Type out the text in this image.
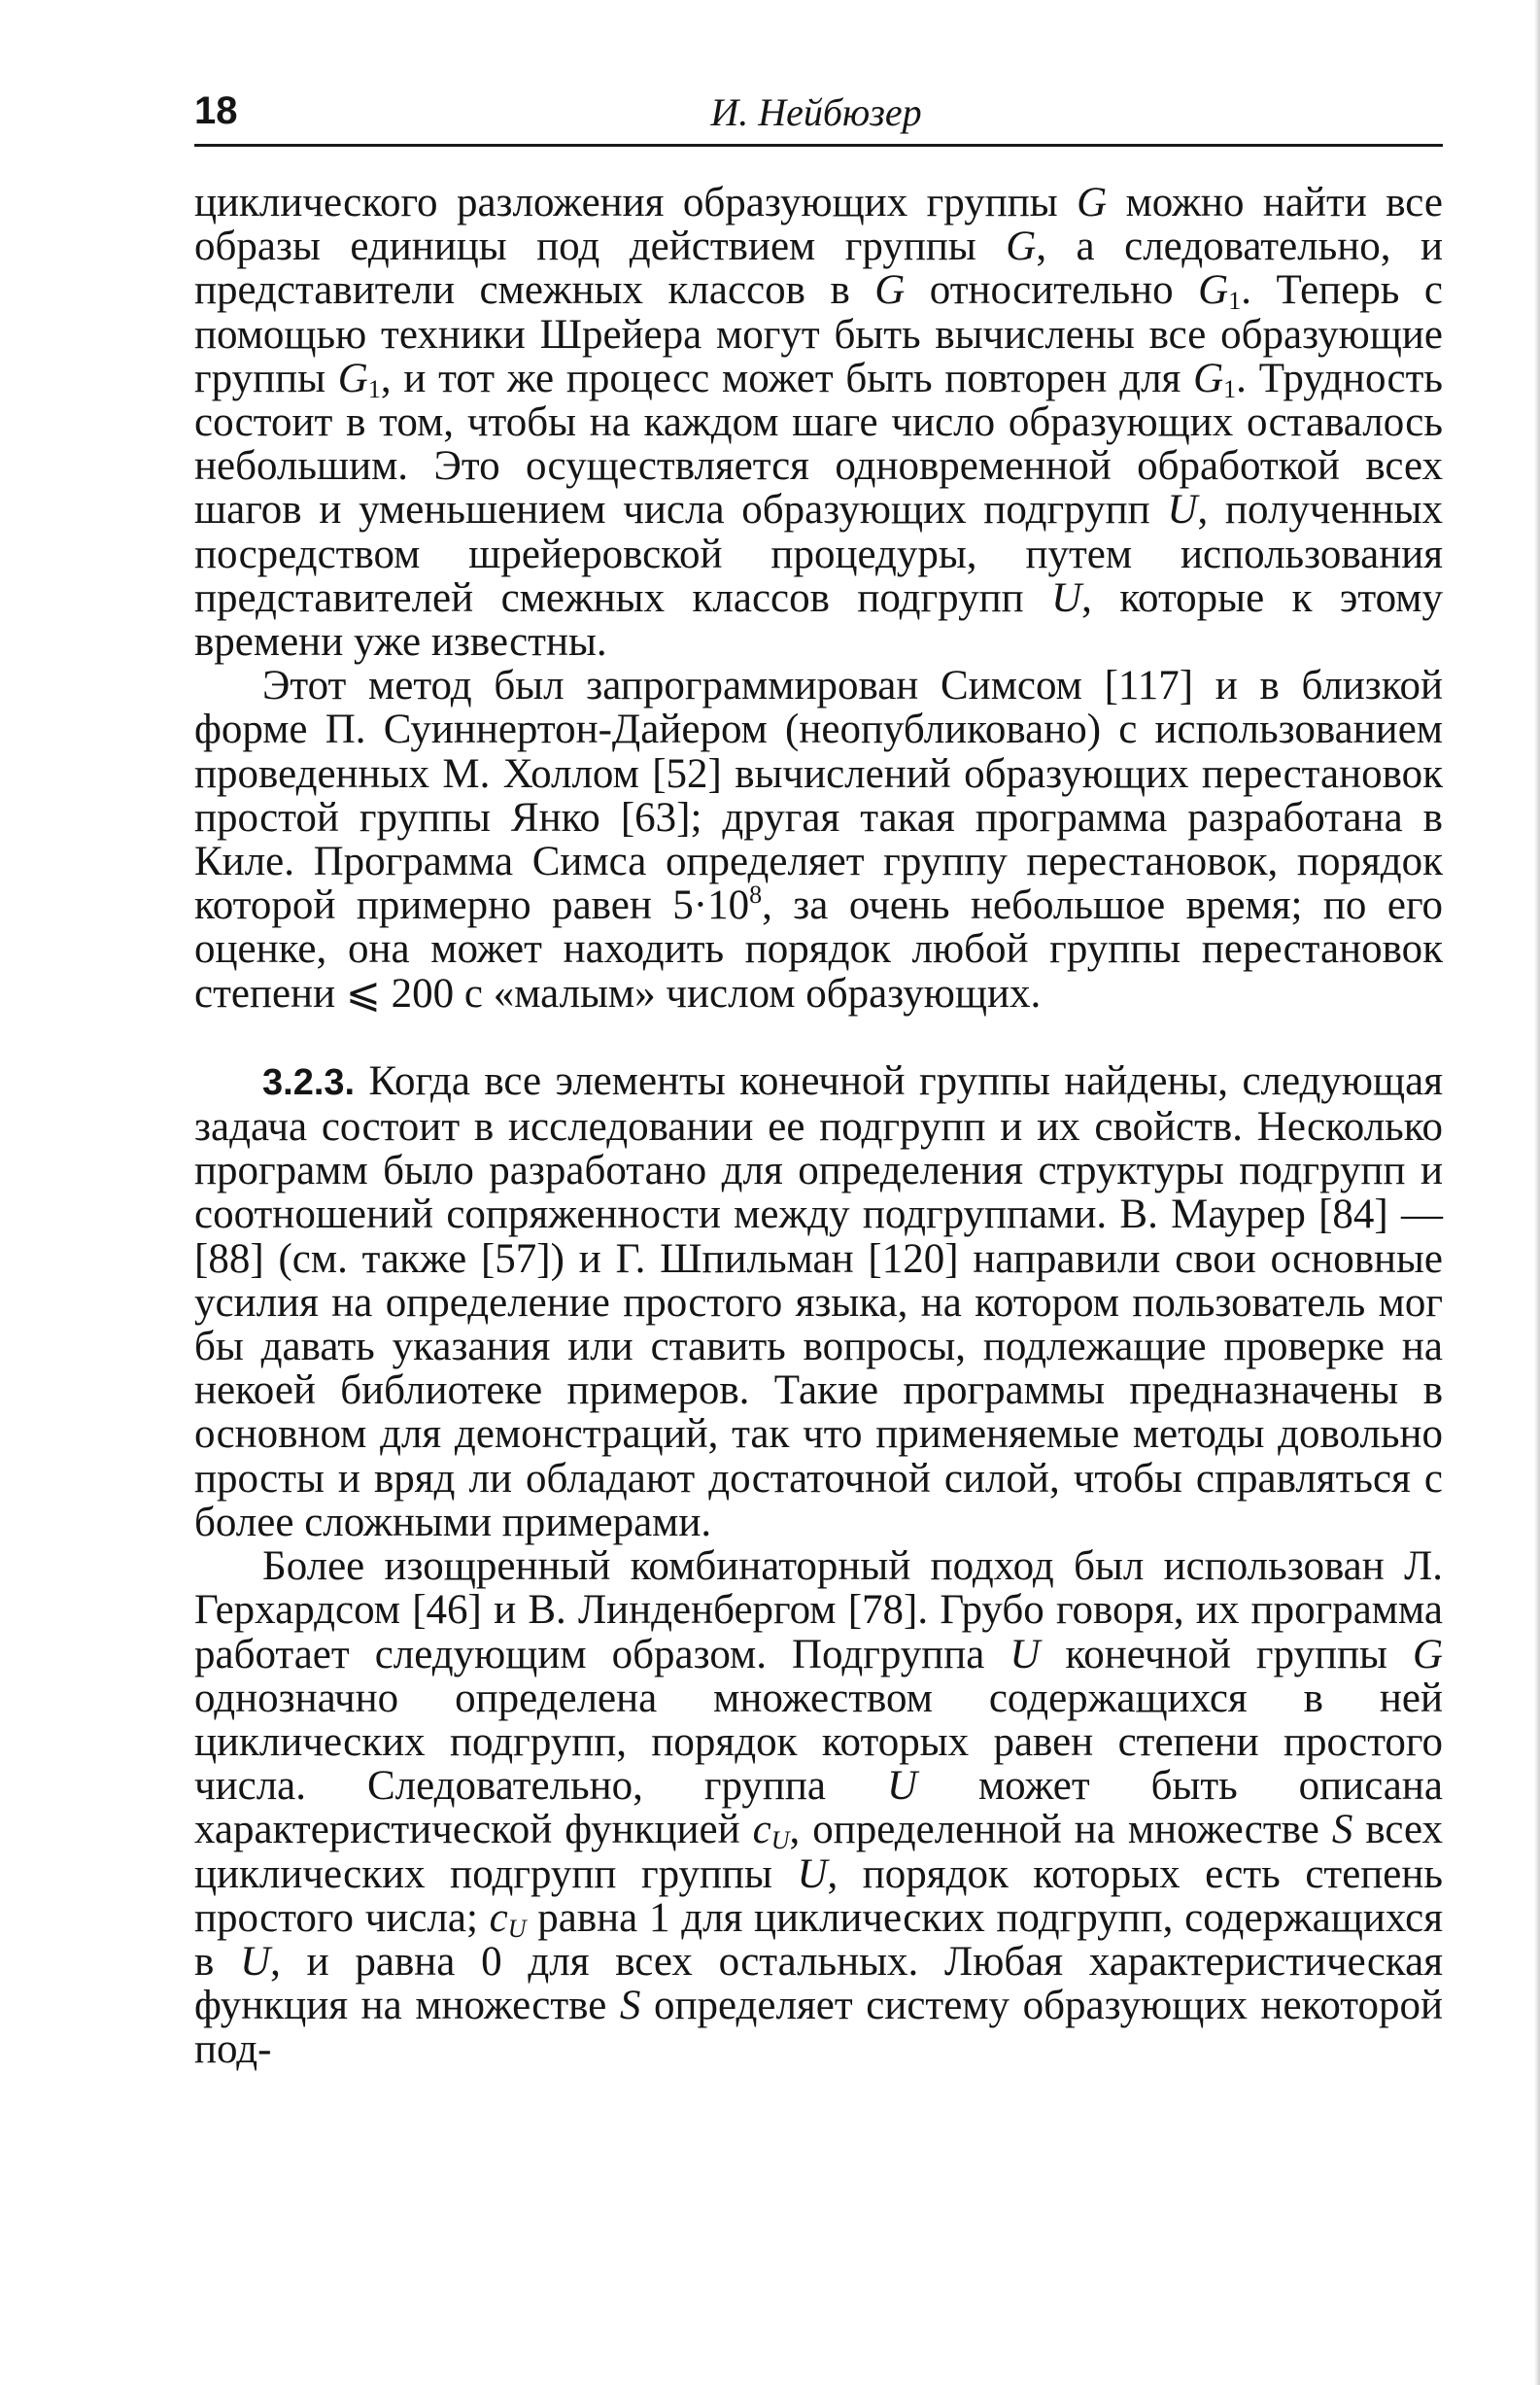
18	И. Нейбюзер

циклического разложения образующих группы G можно найти все образы единицы под действием группы G, а следовательно, и представители смежных классов в G относительно $G_1$. Теперь с помощью техники Шрейера могут быть вычислены все образующие группы $G_1$, и тот же процесс может быть повторен для $G_1$. Трудность состоит в том, чтобы на каждом шаге число образующих оставалось небольшим. Это осуществляется одновременной обработкой всех шагов и уменьшением числа образующих подгрупп U, полученных посредством шрейеровской процедуры, путем использования представителей смежных классов подгрупп U, которые к этому времени уже известны.

Этот метод был запрограммирован Симсом [117] и в близкой форме П. Суиннертон-Дайером (неопубликовано) с использованием проведенных М. Холлом [52] вычислений образующих перестановок простой группы Янко [63]; другая такая программа разработана в Киле. Программа Симса определяет группу перестановок, порядок которой примерно равен $5\cdot 10^8$, за очень небольшое время; по его оценке, она может находить порядок любой группы перестановок степени ⩽ 200 с «малым» числом образующих.

3.2.3. Когда все элементы конечной группы найдены, следующая задача состоит в исследовании ее подгрупп и их свойств. Несколько программ было разработано для определения структуры подгрупп и соотношений сопряженности между подгруппами. В. Маурер [84] — [88] (см. также [57]) и Г. Шпильман [120] направили свои основные усилия на определение простого языка, на котором пользователь мог бы давать указания или ставить вопросы, подлежащие проверке на некоей библиотеке примеров. Такие программы предназначены в основном для демонстраций, так что применяемые методы довольно просты и вряд ли обладают достаточной силой, чтобы справляться с более сложными примерами.

Более изощренный комбинаторный подход был использован Л. Герхардсом [46] и В. Линденбергом [78]. Грубо говоря, их программа работает следующим образом. Подгруппа U конечной группы G однозначно определена множеством содержащихся в ней циклических подгрупп, порядок которых равен степени простого числа. Следовательно, группа U может быть описана характеристической функцией $c_U$, определенной на множестве S всех циклических подгрупп группы U, порядок которых есть степень простого числа; $c_U$ равна 1 для циклических подгрупп, содержащихся в U, и равна 0 для всех остальных. Любая характеристическая функция на множестве S определяет систему образующих некоторой под-
